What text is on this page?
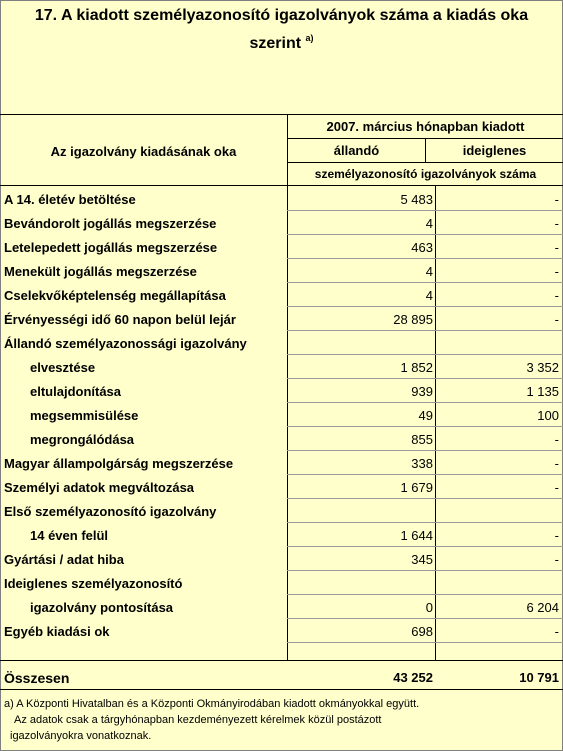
17. A kiadott személyazonosító igazolványok száma a kiadás oka
szerint $^{a)}$
Az igazolvány kiadásának oka
2007. március hónapban kiadott
állandó	ideiglenes
személyazonosító igazolványok száma
A 14. életév betöltése	5 483	-
Bevándorolt jogállás megszerzése	4	-
Letelepedett jogállás megszerzése	463	-
Menekült jogállás megszerzése	4	-
Cselekvőképtelenség megállapítása	4	-
Érvényességi idő 60 napon belül lejár	28 895	-
Állandó személyazonossági igazolvány
elvesztése	1 852	3 352
eltulajdonítása	939	1 135
megsemmisülése	49	100
megrongálódása	855	-
Magyar állampolgárság megszerzése	338	-
Személyi adatok megváltozása	1 679	-
Első személyazonosító igazolvány
14 éven felül	1 644	-
Gyártási / adat hiba	345	-
Ideiglenes személyazonosító
igazolvány pontosítása	0	6 204
Egyéb kiadási ok	698	-
Összesen	43 252	10 791
a) A Központi Hivatalban és a Központi Okmányirodában kiadott okmányokkal együtt.
Az adatok csak a tárgyhónapban kezdeményezett kérelmek közül postázott
igazolványokra vonatkoznak.
